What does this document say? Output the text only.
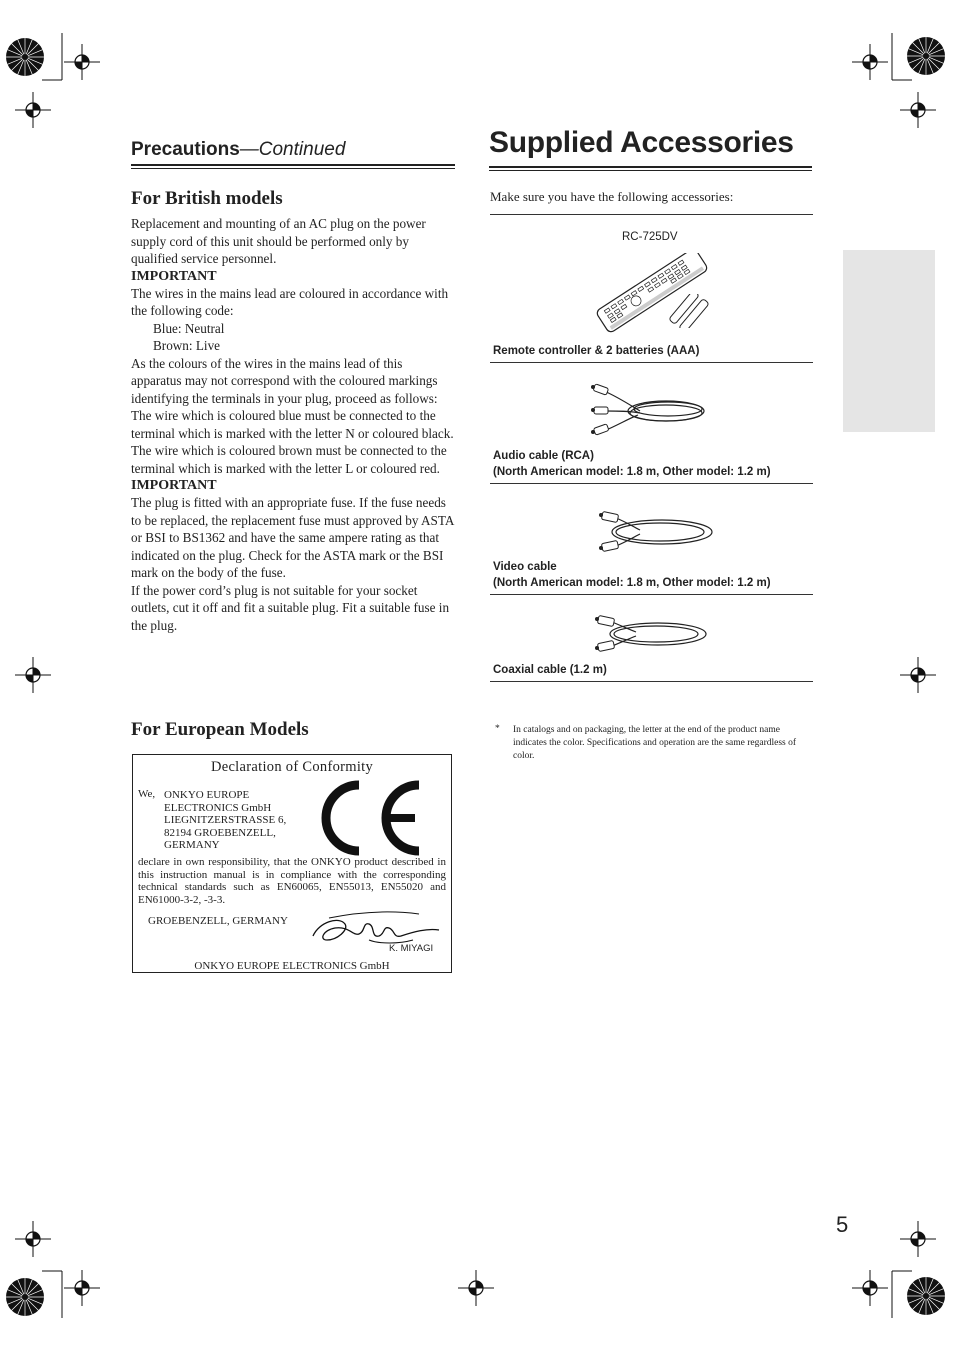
Precautions—Continued
For British models

Replacement and mounting of an AC plug on the power supply cord of this unit should be performed only by qualified service personnel.

IMPORTANT

The wires in the mains lead are coloured in accordance with the following code:

Blue: Neutral

Brown: Live

As the colours of the wires in the mains lead of this apparatus may not correspond with the coloured markings identifying the terminals in your plug, proceed as follows:

The wire which is coloured blue must be connected to the terminal which is marked with the letter N or coloured black.

The wire which is coloured brown must be connected to the terminal which is marked with the letter L or coloured red.

IMPORTANT

The plug is fitted with an appropriate fuse. If the fuse needs to be replaced, the replacement fuse must approved by ASTA or BSI to BS1362 and have the same ampere rating as that indicated on the plug. Check for the ASTA mark or the BSI mark on the body of the fuse.

If the power cord’s plug is not suitable for your socket outlets, cut it off and fit a suitable plug. Fit a suitable fuse in the plug.

For European Models
Declaration of Conformity
We, ONKYO EUROPE
ELECTRONICS GmbH
LIEGNITZERSTRASSE 6,
82194 GROEBENZELL,
GERMANY
declare in own responsibility, that the ONKYO product described in this instruction manual is in compliance with the corresponding technical standards such as EN60065, EN55013, EN55020 and EN61000-3-2, -3-3.
GROEBENZELL, GERMANY
K. MIYAGI
ONKYO EUROPE ELECTRONICS GmbH
Supplied Accessories
Make sure you have the following accessories:
RC-725DV
Remote controller & 2 batteries (AAA)
Audio cable (RCA)
(North American model: 1.8 m, Other model: 1.2 m)
Video cable
(North American model: 1.8 m, Other model: 1.2 m)
Coaxial cable (1.2 m)
* In catalogs and on packaging, the letter at the end of the product name indicates the color. Specifications and operation are the same regardless of color.
5
